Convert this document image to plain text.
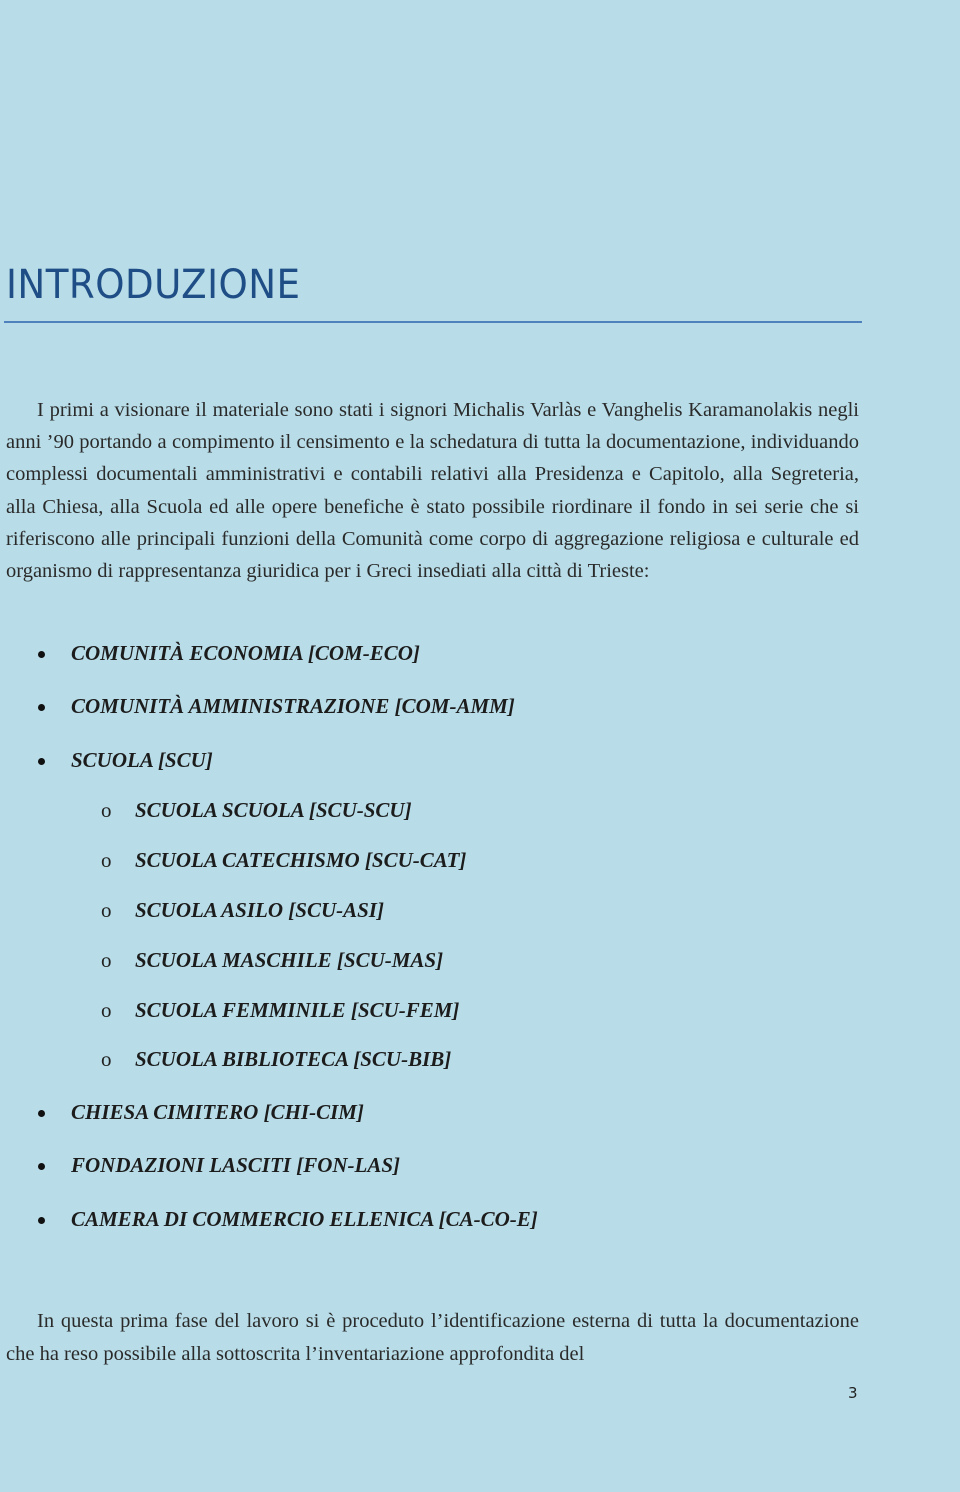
INTRODUZIONE

I primi a visionare il materiale sono stati i signori Michalis Varlàs e Vanghelis Karamanolakis negli anni ’90 portando a compimento il censimento e la schedatura di tutta la documentazione, individuando complessi documentali amministrativi e contabili relativi alla Presidenza e Capitolo, alla Segreteria, alla Chiesa, alla Scuola ed alle opere benefiche è stato possibile riordinare il fondo in sei serie che si riferiscono alle principali funzioni della Comunità come corpo di aggregazione religiosa e culturale ed organismo di rappresentanza giuridica per i Greci insediati alla città di Trieste:

COMUNITÀ ECONOMIA [COM-ECO]
COMUNITÀ AMMINISTRAZIONE [COM-AMM]
SCUOLA [SCU]
o SCUOLA SCUOLA [SCU-SCU]
o SCUOLA CATECHISMO [SCU-CAT]
o SCUOLA ASILO [SCU-ASI]
o SCUOLA MASCHILE [SCU-MAS]
o SCUOLA FEMMINILE [SCU-FEM]
o SCUOLA BIBLIOTECA [SCU-BIB]
CHIESA CIMITERO [CHI-CIM]
FONDAZIONI LASCITI [FON-LAS]
CAMERA DI COMMERCIO ELLENICA [CA-CO-E]

In questa prima fase del lavoro si è proceduto l’identificazione esterna di tutta la documentazione che ha reso possibile alla sottoscrita l’inventariazione approfondita del

3
